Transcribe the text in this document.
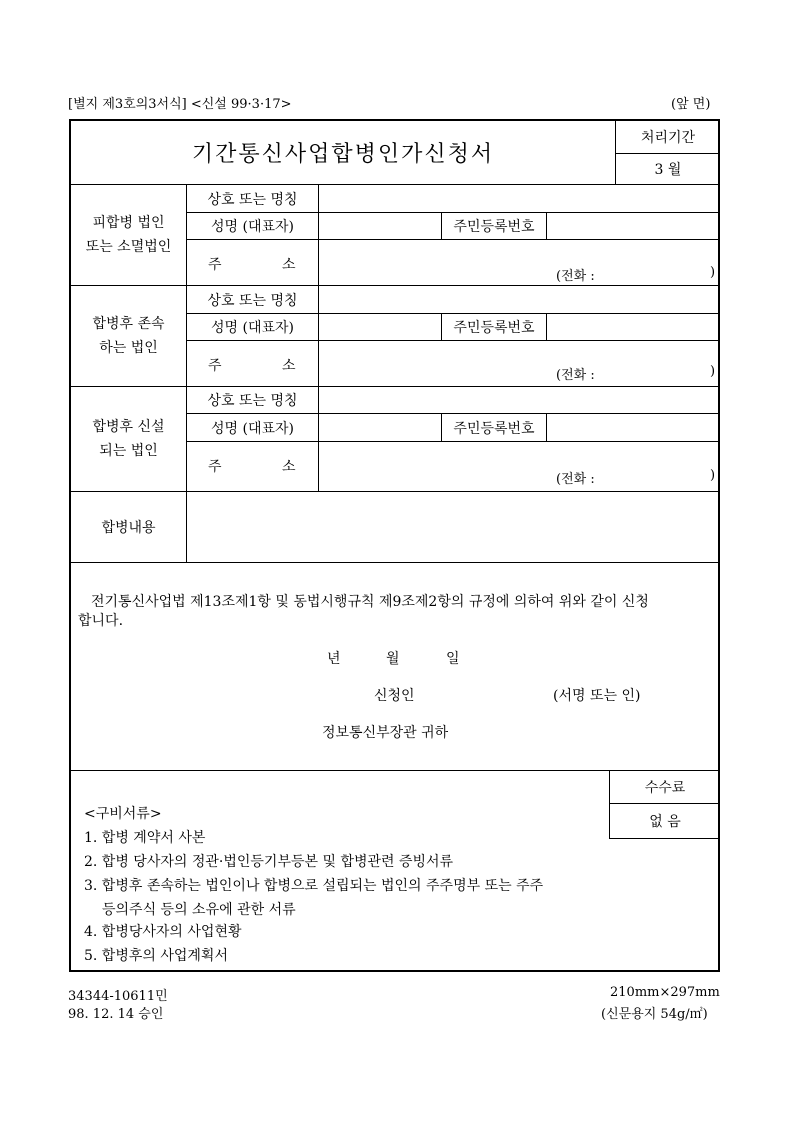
[별지 제3호의3서식] <신설 99·3·17>	(앞 면)
기간통신사업합병인가신청서
처리기간
3 월
피합병 법인
또는 소멸법인
상호 또는 명칭
성명 (대표자)	주민등록번호
주	소
(전화 :	)
합병후 존속
하는 법인
상호 또는 명칭
성명 (대표자)	주민등록번호
주	소
(전화 :	)
합병후 신설
되는 법인
상호 또는 명칭
성명 (대표자)	주민등록번호
주	소
(전화 :	)
합병내용
전기통신사업법 제13조제1항 및 동법시행규칙 제9조제2항의 규정에 의하여 위와 같이 신청
합니다.
년	월	일
신청인	(서명 또는 인)
정보통신부장관 귀하
수수료
없 음
<구비서류>
1. 합병 계약서 사본
2. 합병 당사자의 정관·법인등기부등본 및 합병관련 증빙서류
3. 합병후 존속하는 법인이나 합병으로 설립되는 법인의 주주명부 또는 주주
등의주식 등의 소유에 관한 서류
4. 합병당사자의 사업현황
5. 합병후의 사업계획서
34344-10611민
98. 12. 14 승인
210mm×297mm
(신문용지 54g/㎡)
